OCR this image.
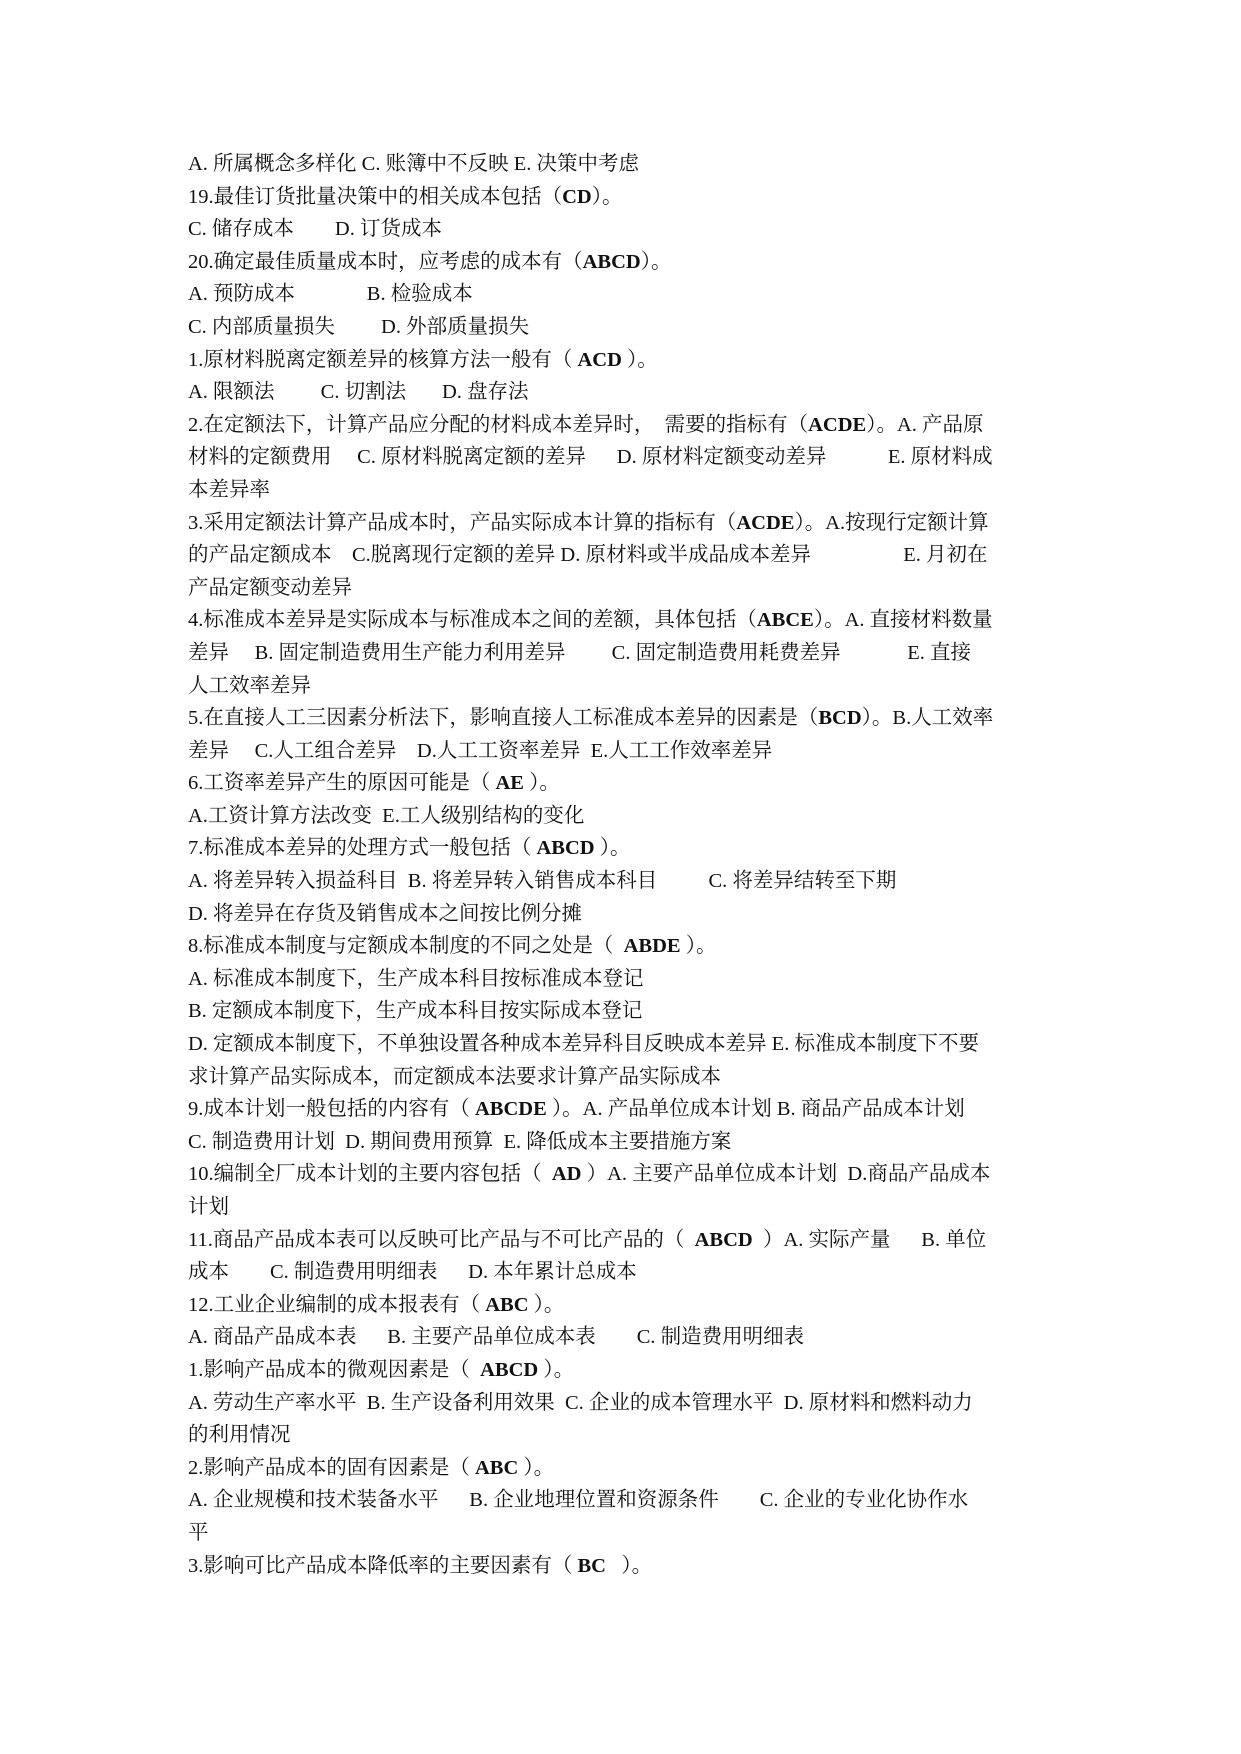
A. 所属概念多样化 C. 账簿中不反映 E. 决策中考虑
19.最佳订货批量决策中的相关成本包括（CD）。
C. 储存成本        D. 订货成本
20.确定最佳质量成本时，应考虑的成本有（ABCD）。
A. 预防成本              B. 检验成本
C. 内部质量损失         D. 外部质量损失
1.原材料脱离定额差异的核算方法一般有（ ACD ）。
A. 限额法         C. 切割法       D. 盘存法
2.在定额法下，计算产品应分配的材料成本差异时，  需要的指标有（ACDE）。A. 产品原
材料的定额费用     C. 原材料脱离定额的差异      D. 原材料定额变动差异            E. 原材料成
本差异率
3.采用定额法计算产品成本时，产品实际成本计算的指标有（ACDE）。A.按现行定额计算
的产品定额成本    C.脱离现行定额的差异 D. 原材料或半成品成本差异                  E. 月初在
产品定额变动差异
4.标准成本差异是实际成本与标准成本之间的差额，具体包括（ABCE）。A. 直接材料数量
差异     B. 固定制造费用生产能力利用差异         C. 固定制造费用耗费差异             E. 直接
人工效率差异
5.在直接人工三因素分析法下，影响直接人工标准成本差异的因素是（BCD）。B.人工效率
差异     C.人工组合差异    D.人工工资率差异  E.人工工作效率差异
6.工资率差异产生的原因可能是（ AE ）。
A.工资计算方法改变  E.工人级别结构的变化
7.标准成本差异的处理方式一般包括（ ABCD ）。
A. 将差异转入损益科目  B. 将差异转入销售成本科目          C. 将差异结转至下期
D. 将差异在存货及销售成本之间按比例分摊
8.标准成本制度与定额成本制度的不同之处是（  ABDE ）。
A. 标准成本制度下，生产成本科目按标准成本登记
B. 定额成本制度下，生产成本科目按实际成本登记
D. 定额成本制度下，不单独设置各种成本差异科目反映成本差异 E. 标准成本制度下不要
求计算产品实际成本，而定额成本法要求计算产品实际成本
9.成本计划一般包括的内容有（ ABCDE ）。A. 产品单位成本计划 B. 商品产品成本计划
C. 制造费用计划  D. 期间费用预算  E. 降低成本主要措施方案
10.编制全厂成本计划的主要内容包括（  AD ）A. 主要产品单位成本计划  D.商品产品成本
计划
11.商品产品成本表可以反映可比产品与不可比产品的（  ABCD  ）A. 实际产量      B. 单位
成本        C. 制造费用明细表      D. 本年累计总成本
12.工业企业编制的成本报表有（ ABC ）。
A. 商品产品成本表      B. 主要产品单位成本表        C. 制造费用明细表
1.影响产品成本的微观因素是（  ABCD ）。
A. 劳动生产率水平  B. 生产设备利用效果  C. 企业的成本管理水平  D. 原材料和燃料动力
的利用情况
2.影响产品成本的固有因素是（ ABC ）。
A. 企业规模和技术装备水平      B. 企业地理位置和资源条件        C. 企业的专业化协作水
平
3.影响可比产品成本降低率的主要因素有（ BC   ）。
